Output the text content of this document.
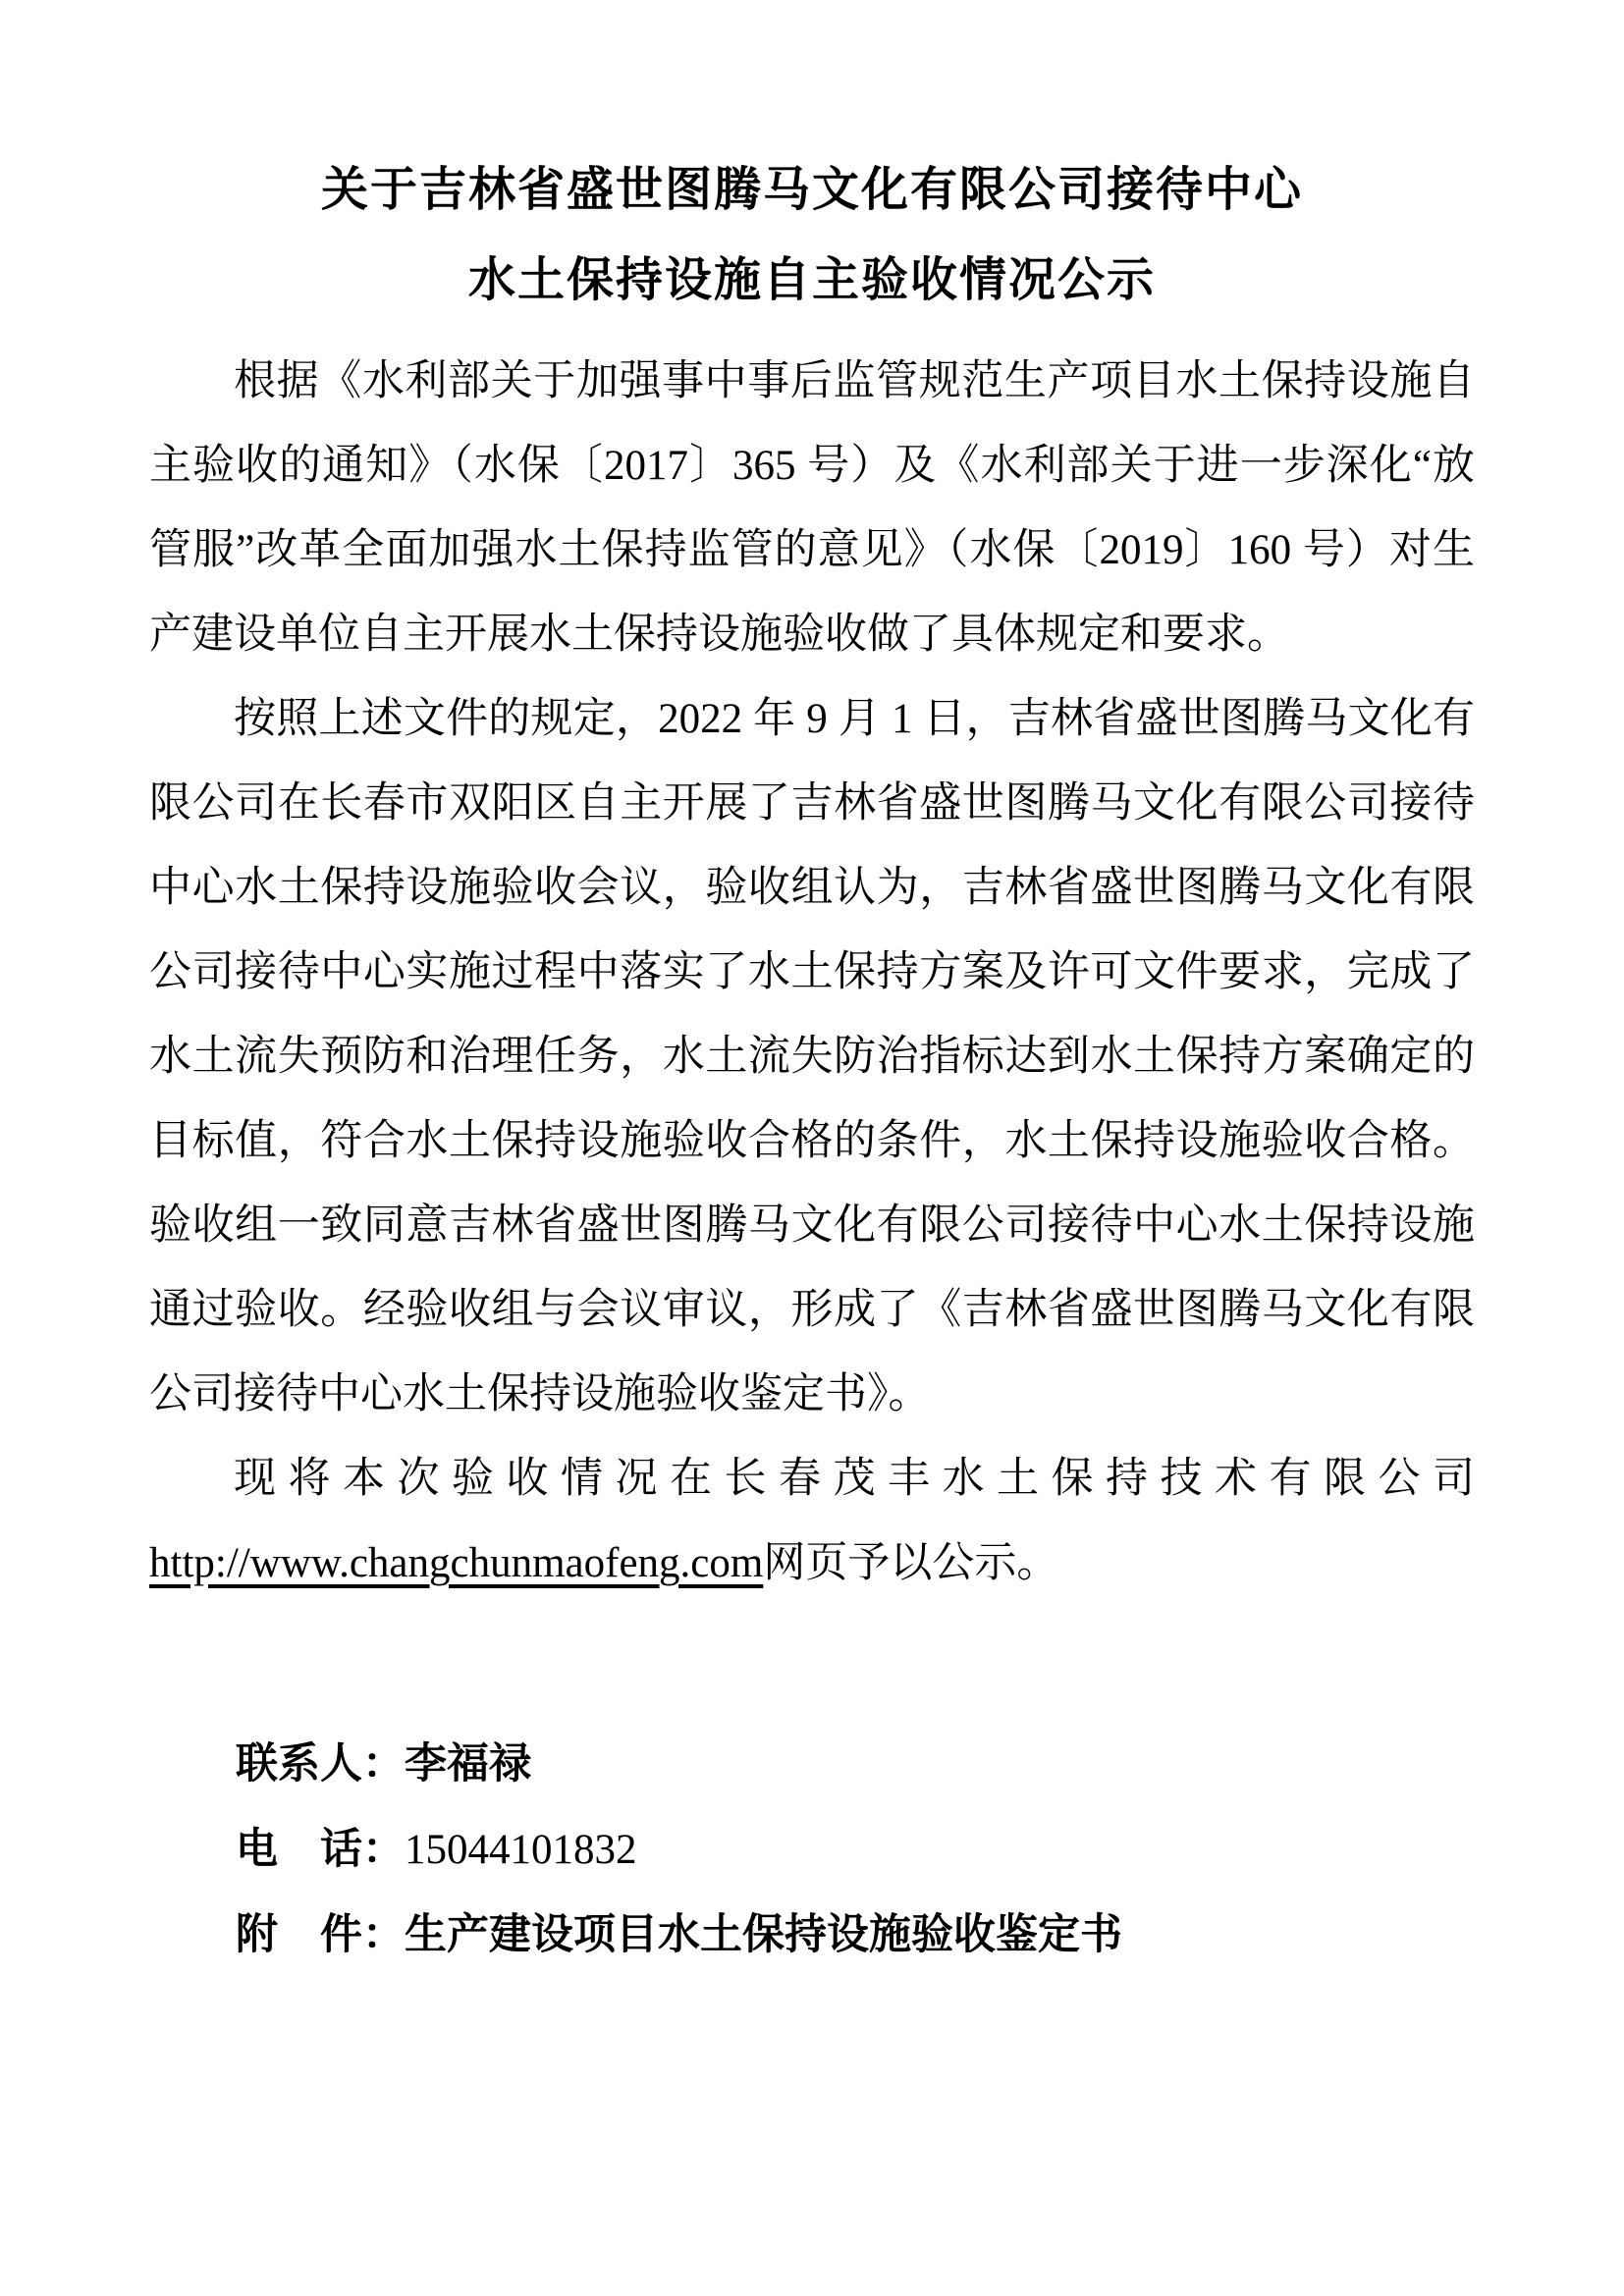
关于吉林省盛世图腾马文化有限公司接待中心
水土保持设施自主验收情况公示

根据《水利部关于加强事中事后监管规范生产项目水土保持设施自主验收的通知》（水保〔2017〕365 号）及《水利部关于进一步深化“放管服”改革全面加强水土保持监管的意见》（水保〔2019〕160 号）对生产建设单位自主开展水土保持设施验收做了具体规定和要求。

按照上述文件的规定，2022 年 9 月 1 日，吉林省盛世图腾马文化有限公司在长春市双阳区自主开展了吉林省盛世图腾马文化有限公司接待中心水土保持设施验收会议，验收组认为，吉林省盛世图腾马文化有限公司接待中心实施过程中落实了水土保持方案及许可文件要求，完成了水土流失预防和治理任务，水土流失防治指标达到水土保持方案确定的目标值，符合水土保持设施验收合格的条件，水土保持设施验收合格。验收组一致同意吉林省盛世图腾马文化有限公司接待中心水土保持设施通过验收。经验收组与会议审议，形成了《吉林省盛世图腾马文化有限公司接待中心水土保持设施验收鉴定书》。

现将本次验收情况在长春茂丰水土保持技术有限公司 http://www.changchunmaofeng.com网页予以公示。

联系人：李福禄

电　话：15044101832

附　件：生产建设项目水土保持设施验收鉴定书
